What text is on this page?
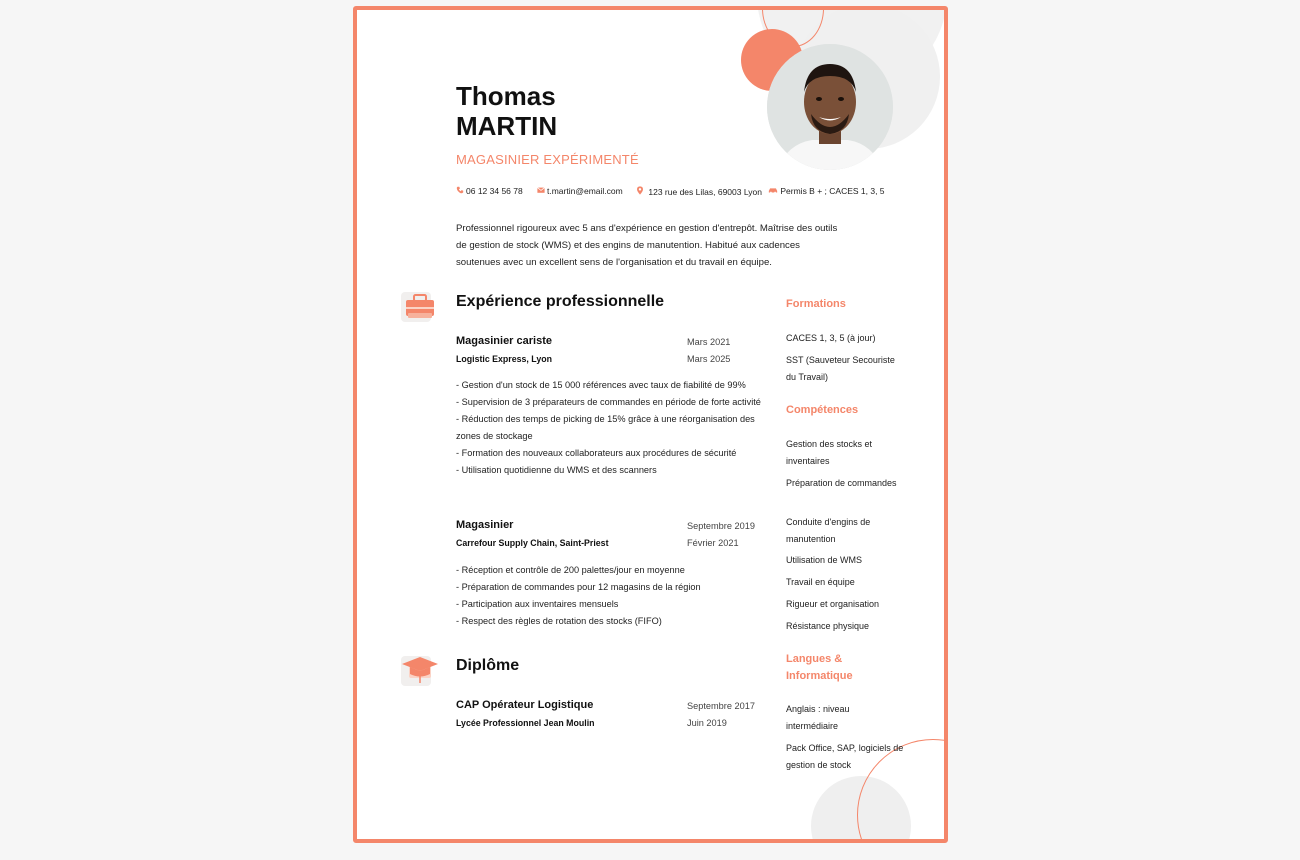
Thomas
MARTIN
MAGASINIER EXPÉRIMENTÉ
06 12 34 56 78	t.martin@email.com	123 rue des Lilas, 69003 Lyon	Permis B + ; CACES 1, 3, 5
Professionnel rigoureux avec 5 ans d'expérience en gestion d'entrepôt. Maîtrise des outils de gestion de stock (WMS) et des engins de manutention. Habitué aux cadences soutenues avec un excellent sens de l'organisation et du travail en équipe.
Expérience professionnelle
Magasinier cariste
Logistic Express, Lyon
Mars 2021
Mars 2025
- Gestion d'un stock de 15 000 références avec taux de fiabilité de 99%
- Supervision de 3 préparateurs de commandes en période de forte activité
- Réduction des temps de picking de 15% grâce à une réorganisation des zones de stockage
- Formation des nouveaux collaborateurs aux procédures de sécurité
- Utilisation quotidienne du WMS et des scanners
Magasinier
Carrefour Supply Chain, Saint-Priest
Septembre 2019
Février 2021
- Réception et contrôle de 200 palettes/jour en moyenne
- Préparation de commandes pour 12 magasins de la région
- Participation aux inventaires mensuels
- Respect des règles de rotation des stocks (FIFO)
Diplôme
CAP Opérateur Logistique
Lycée Professionnel Jean Moulin
Septembre 2017
Juin 2019
Formations
CACES 1, 3, 5 (à jour)
SST (Sauveteur Secouriste du Travail)
Compétences
Gestion des stocks et inventaires
Préparation de commandes
Conduite d'engins de manutention
Utilisation de WMS
Travail en équipe
Rigueur et organisation
Résistance physique
Langues & Informatique
Anglais : niveau intermédiaire
Pack Office, SAP, logiciels de gestion de stock
